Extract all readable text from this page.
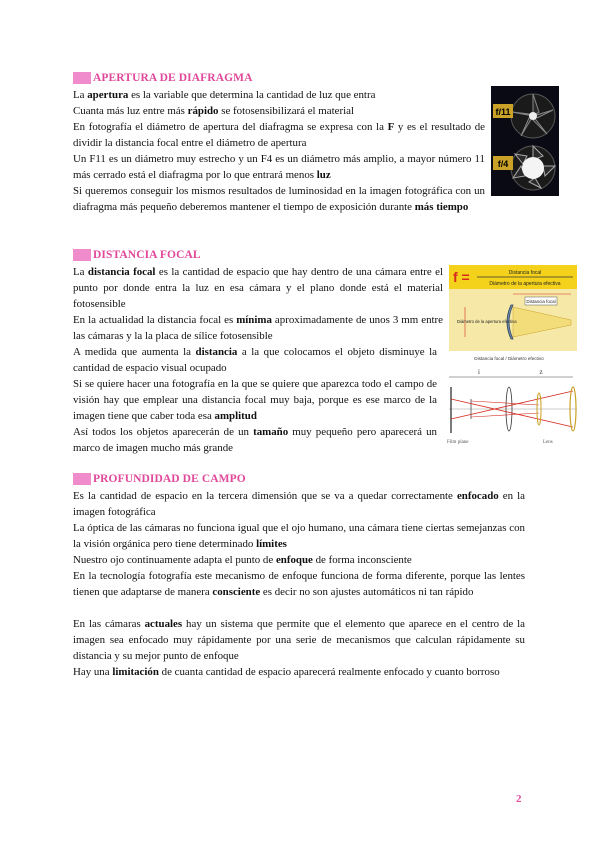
APERTURA DE DIAFRAGMA
La apertura es la variable que determina la cantidad de luz que entra
Cuanta más luz entre más rápido se fotosensibilizará el material
En fotografía el diámetro de apertura del diafragma se expresa con la F y es el resultado de dividir la distancia focal entre el diámetro de apertura
Un F11 es un diámetro muy estrecho y un F4 es un diámetro más amplio, a mayor número 11 más cerrado está el diafragma por lo que entrará menos luz
Si queremos conseguir los mismos resultados de luminosidad en la imagen fotográfica con un diafragma más pequeño deberemos mantener el tiempo de exposición durante más tiempo
f/11
f/4
DISTANCIA FOCAL
La distancia focal es la cantidad de espacio que hay dentro de una cámara entre el punto por donde entra la luz en esa cámara y el plano donde está el material fotosensible
En la actualidad la distancia focal es mínima aproximadamente de unos 3 mm entre las cámaras y la la placa de sílice fotosensible
A medida que aumenta la distancia a la que colocamos el objeto disminuye la cantidad de espacio visual ocupado
Si se quiere hacer una fotografía en la que se quiere que aparezca todo el campo de visión hay que emplear una distancia focal muy baja, porque es ese marco de la imagen tiene que caber toda esa amplitud
Así todos los objetos aparecerán de un tamaño muy pequeño pero aparecerá un marco de imagen mucho más grande
f =	Distancia focal
Diámetro de la apertura efectiva
Distancia focal
Diámetro de la apertura efectiva
Distancia focal / Diámetro efectivo
i	z
Film plane	Lens
PROFUNDIDAD DE CAMPO
Es la cantidad de espacio en la tercera dimensión que se va a quedar correctamente enfocado en la imagen fotográfica
La óptica de las cámaras no funciona igual que el ojo humano, una cámara tiene ciertas semejanzas con la visión orgánica pero tiene determinado límites
Nuestro ojo continuamente adapta el punto de enfoque de forma inconsciente
En la tecnología fotografía este mecanismo de enfoque funciona de forma diferente, porque las lentes tienen que adaptarse de manera consciente es decir no son ajustes automáticos ni tan rápido
En las cámaras actuales hay un sistema que permite que el elemento que aparece en el centro de la imagen sea enfocado muy rápidamente por una serie de mecanismos que calculan rápidamente su distancia y su mejor punto de enfoque
Hay una limitación de cuanta cantidad de espacio aparecerá realmente enfocado y cuanto borroso
2
